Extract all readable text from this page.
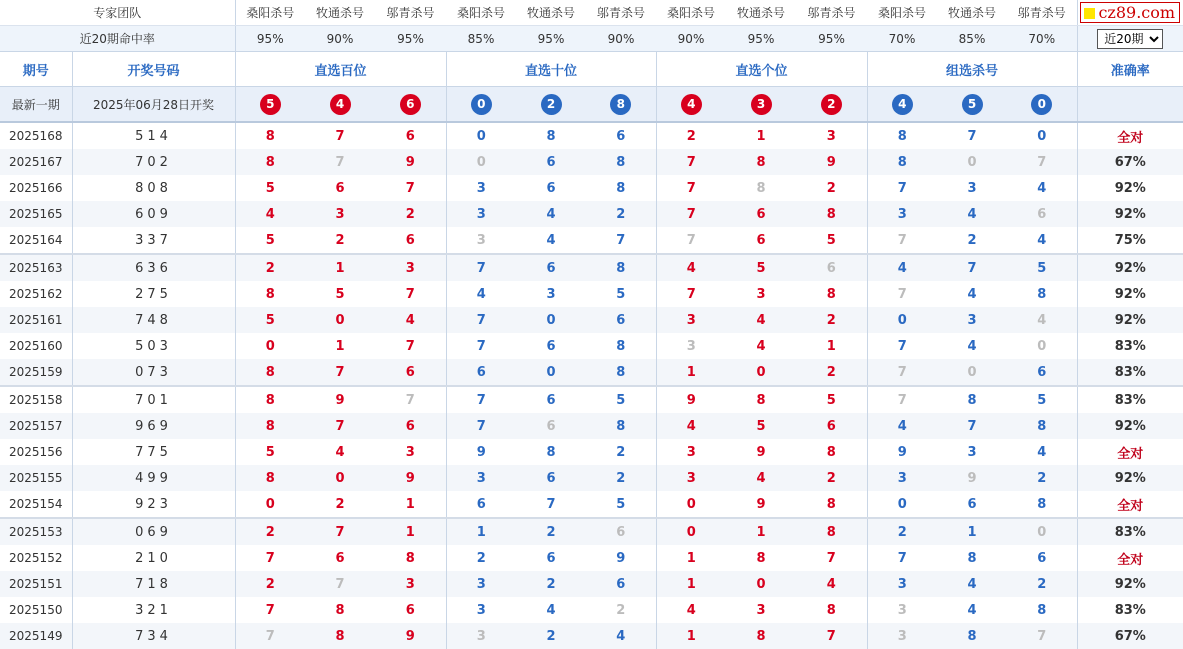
专家团队		桑阳杀号	牧通杀号	邬青杀号	桑阳杀号	牧通杀号	邬青杀号	桑阳杀号	牧通杀号	邬青杀号	桑阳杀号	牧通杀号	邬青杀号	cz89.com
近20期命中率		95%	90%	95%	85%	95%	90%	90%	95%	95%	70%	85%	70%	
近20期
期号	开奖号码	直选百位			直选十位			直选个位			组选杀号			准确率
最新一期	2025年06月28日开奖	5	4	6	0	2	8	4	3	2	4	5	0	
2025168	514	8	7	6	0	8	6	2	1	3	8	7	0	全对
2025167	702	8	7	9	0	6	8	7	8	9	8	0	7	67%
2025166	808	5	6	7	3	6	8	7	8	2	7	3	4	92%
2025165	609	4	3	2	3	4	2	7	6	8	3	4	6	92%
2025164	337	5	2	6	3	4	7	7	6	5	7	2	4	75%
2025163	636	2	1	3	7	6	8	4	5	6	4	7	5	92%
2025162	275	8	5	7	4	3	5	7	3	8	7	4	8	92%
2025161	748	5	0	4	7	0	6	3	4	2	0	3	4	92%
2025160	503	0	1	7	7	6	8	3	4	1	7	4	0	83%
2025159	073	8	7	6	6	0	8	1	0	2	7	0	6	83%
2025158	701	8	9	7	7	6	5	9	8	5	7	8	5	83%
2025157	969	8	7	6	7	6	8	4	5	6	4	7	8	92%
2025156	775	5	4	3	9	8	2	3	9	8	9	3	4	全对
2025155	499	8	0	9	3	6	2	3	4	2	3	9	2	92%
2025154	923	0	2	1	6	7	5	0	9	8	0	6	8	全对
2025153	069	2	7	1	1	2	6	0	1	8	2	1	0	83%
2025152	210	7	6	8	2	6	9	1	8	7	7	8	6	全对
2025151	718	2	7	3	3	2	6	1	0	4	3	4	2	92%
2025150	321	7	8	6	3	4	2	4	3	8	3	4	8	83%
2025149	734	7	8	9	3	2	4	1	8	7	3	8	7	67%
